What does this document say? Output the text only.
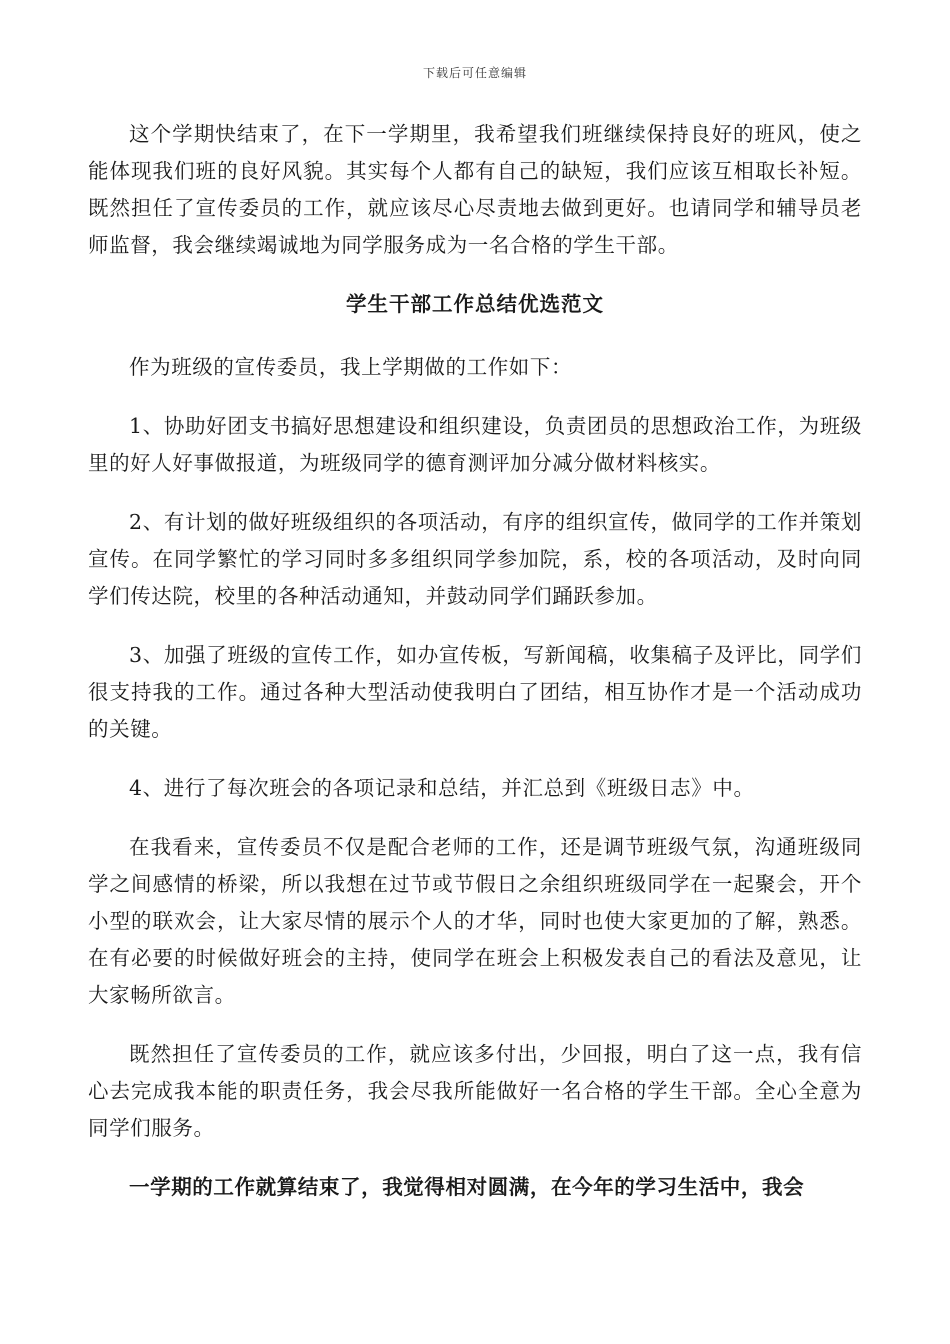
下载后可任意编辑

这个学期快结束了，在下一学期里，我希望我们班继续保持良好的班风，使之能体现我们班的良好风貌。其实每个人都有自己的缺短，我们应该互相取长补短。既然担任了宣传委员的工作，就应该尽心尽责地去做到更好。也请同学和辅导员老师监督，我会继续竭诚地为同学服务成为一名合格的学生干部。

学生干部工作总结优选范文

作为班级的宣传委员，我上学期做的工作如下：

1、协助好团支书搞好思想建设和组织建设，负责团员的思想政治工作，为班级里的好人好事做报道，为班级同学的德育测评加分减分做材料核实。

2、有计划的做好班级组织的各项活动，有序的组织宣传，做同学的工作并策划宣传。在同学繁忙的学习同时多多组织同学参加院，系，校的各项活动，及时向同学们传达院，校里的各种活动通知，并鼓动同学们踊跃参加。

3、加强了班级的宣传工作，如办宣传板，写新闻稿，收集稿子及评比，同学们很支持我的工作。通过各种大型活动使我明白了团结，相互协作才是一个活动成功的关键。

4、进行了每次班会的各项记录和总结，并汇总到《班级日志》中。

在我看来，宣传委员不仅是配合老师的工作，还是调节班级气氛，沟通班级同学之间感情的桥梁，所以我想在过节或节假日之余组织班级同学在一起聚会，开个小型的联欢会，让大家尽情的展示个人的才华，同时也使大家更加的了解，熟悉。在有必要的时候做好班会的主持，使同学在班会上积极发表自己的看法及意见，让大家畅所欲言。

既然担任了宣传委员的工作，就应该多付出，少回报，明白了这一点，我有信心去完成我本能的职责任务，我会尽我所能做好一名合格的学生干部。全心全意为同学们服务。

一学期的工作就算结束了，我觉得相对圆满，在今年的学习生活中，我会
